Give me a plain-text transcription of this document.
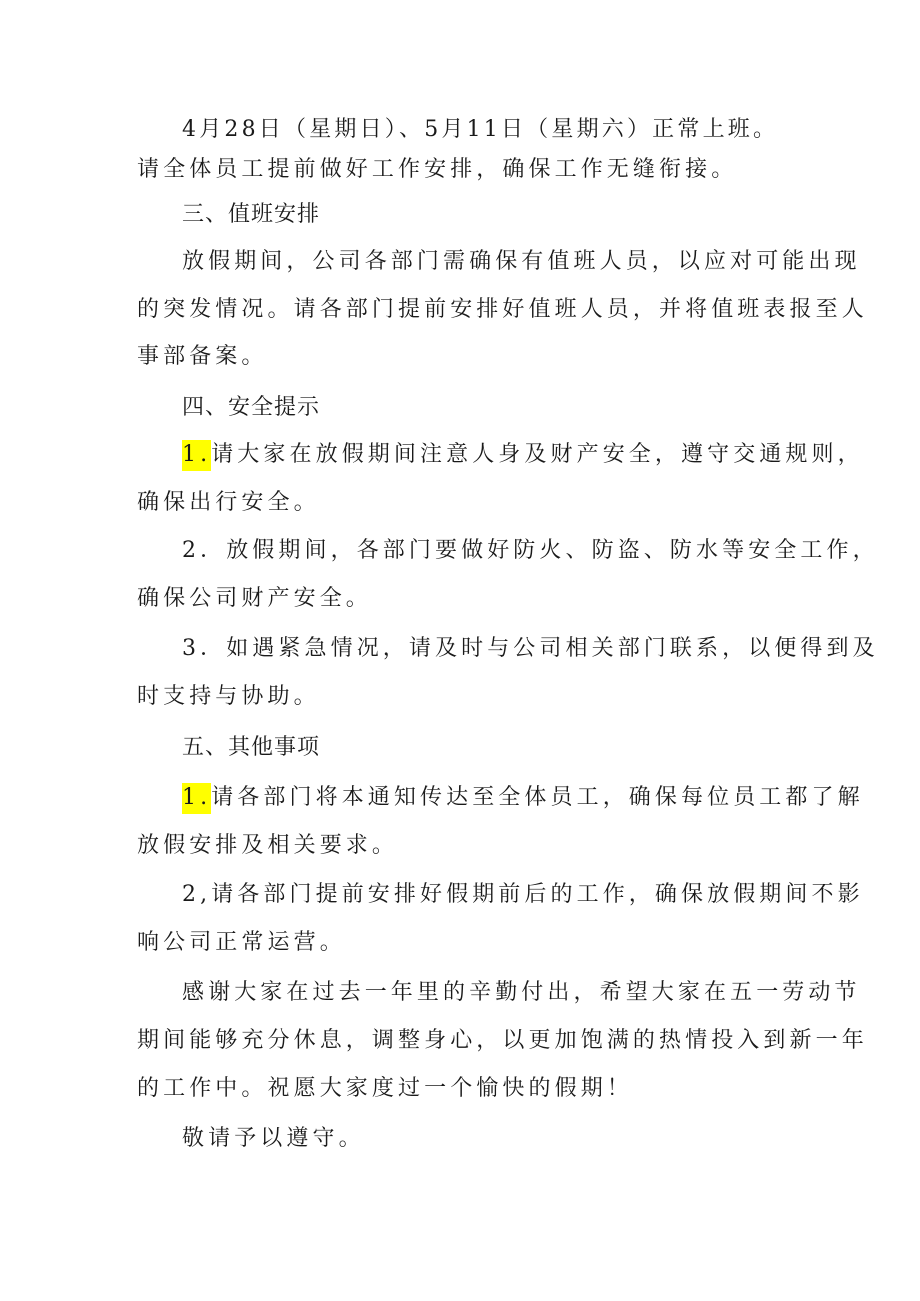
4月28日（星期日）、5月11日（星期六）正常上班。
请全体员工提前做好工作安排，确保工作无缝衔接。
三、值班安排
放假期间，公司各部门需确保有值班人员，以应对可能出现
的突发情况。请各部门提前安排好值班人员，并将值班表报至人
事部备案。
四、安全提示
1.请大家在放假期间注意人身及财产安全，遵守交通规则，
确保出行安全。
2．放假期间，各部门要做好防火、防盗、防水等安全工作，
确保公司财产安全。
3．如遇紧急情况，请及时与公司相关部门联系，以便得到及
时支持与协助。
五、其他事项
1.请各部门将本通知传达至全体员工，确保每位员工都了解
放假安排及相关要求。
2,请各部门提前安排好假期前后的工作，确保放假期间不影
响公司正常运营。
感谢大家在过去一年里的辛勤付出，希望大家在五一劳动节
期间能够充分休息，调整身心，以更加饱满的热情投入到新一年
的工作中。祝愿大家度过一个愉快的假期！
敬请予以遵守。
